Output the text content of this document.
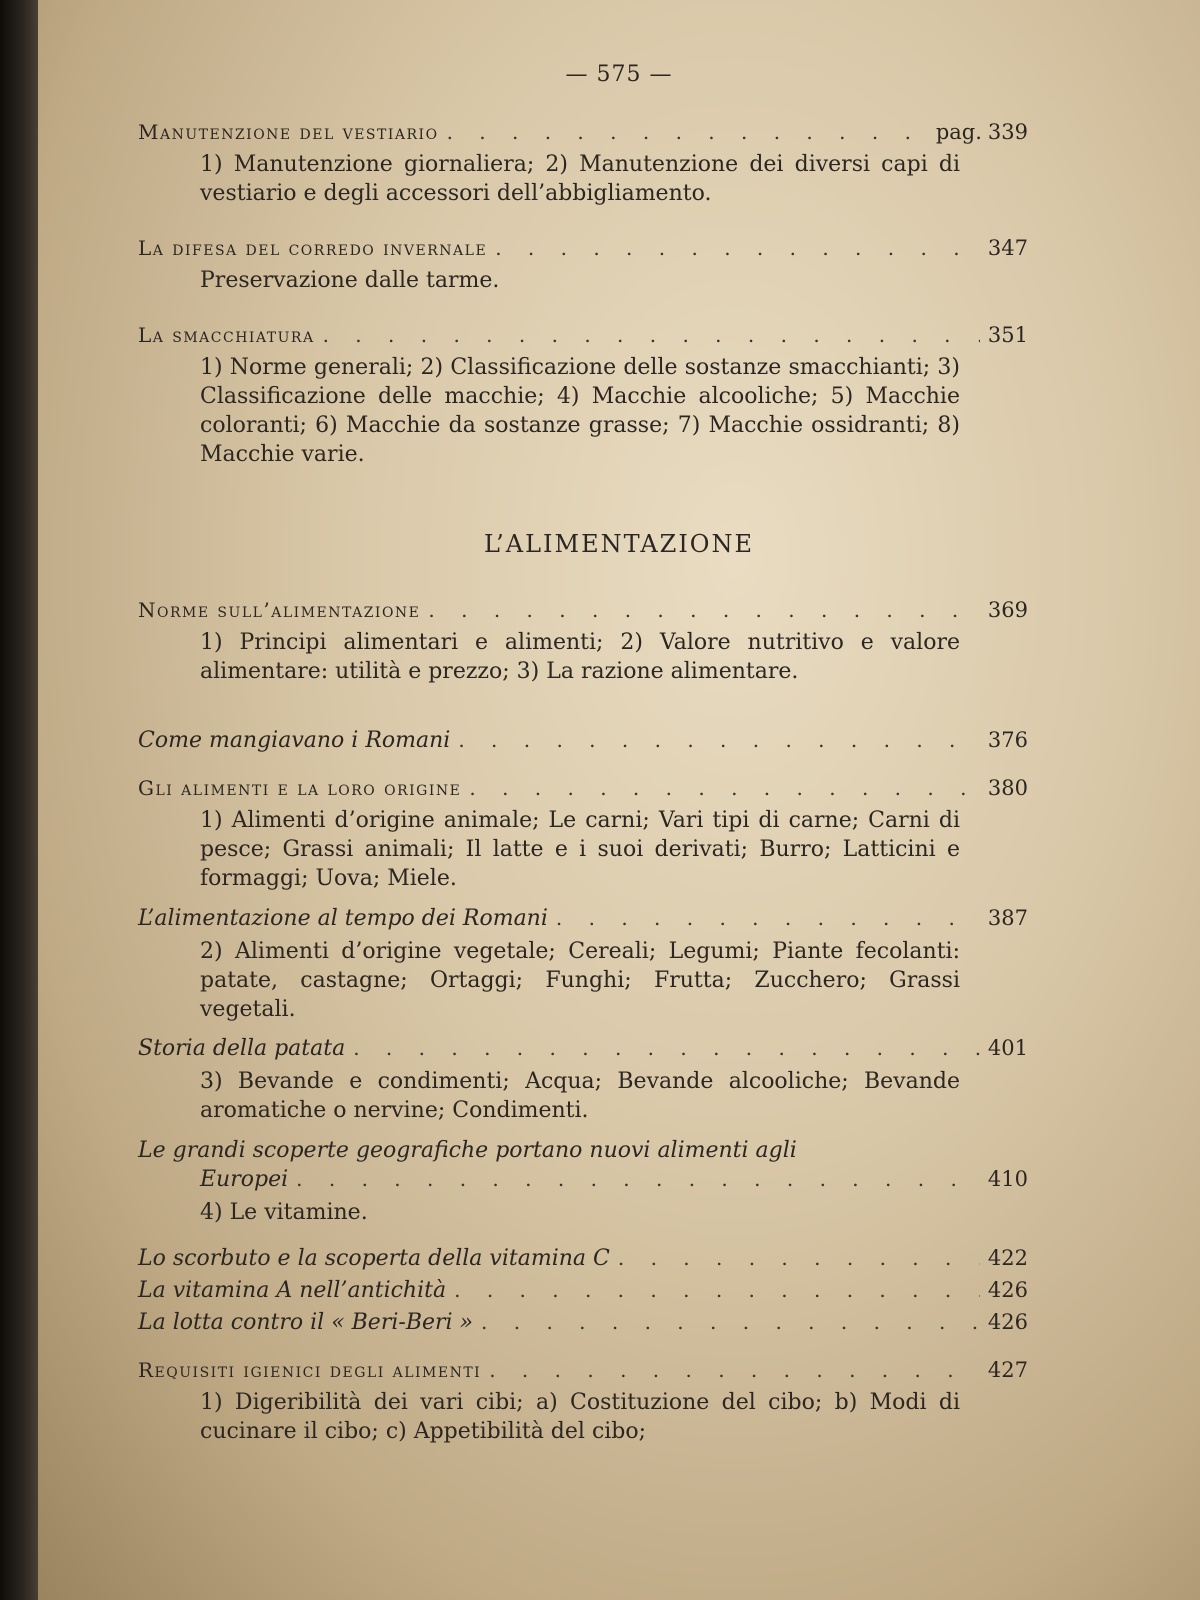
— 575 —
Manutenzione del vestiario . . .	pag. 339
1) Manutenzione giornaliera; 2) Manutenzione dei diversi capi di vestiario e degli accessori dell’abbigliamento.
La difesa del corredo invernale . . .	347
Preservazione dalle tarme.
La smacchiatura . . .	351
1) Norme generali; 2) Classificazione delle sostanze smacchianti; 3) Classificazione delle macchie; 4) Macchie alcooliche; 5) Macchie coloranti; 6) Macchie da sostanze grasse; 7) Macchie ossidranti; 8) Macchie varie.
L’ALIMENTAZIONE
Norme sull’alimentazione . . .	369
1) Principi alimentari e alimenti; 2) Valore nutritivo e valore alimentare: utilità e prezzo; 3) La razione alimentare.
Come mangiavano i Romani . . .	376
Gli alimenti e la loro origine . . .	380
1) Alimenti d’origine animale; Le carni; Vari tipi di carne; Carni di pesce; Grassi animali; Il latte e i suoi derivati; Burro; Latticini e formaggi; Uova; Miele.
L’alimentazione al tempo dei Romani . . .	387
2) Alimenti d’origine vegetale; Cereali; Legumi; Piante fecolanti: patate, castagne; Ortaggi; Funghi; Frutta; Zucchero; Grassi vegetali.
Storia della patata . . .	401
3) Bevande e condimenti; Acqua; Bevande alcooliche; Bevande aromatiche o nervine; Condimenti.
Le grandi scoperte geografiche portano nuovi alimenti agli
Europei . . .	410
4) Le vitamine.
Lo scorbuto e la scoperta della vitamina C . . .	422
La vitamina A nell’antichità . . .	426
La lotta contro il « Beri-Beri » . . .	426
Requisiti igienici degli alimenti . . .	427
1) Digeribilità dei vari cibi; a) Costituzione del cibo; b) Modi di cucinare il cibo; c) Appetibilità del cibo;
